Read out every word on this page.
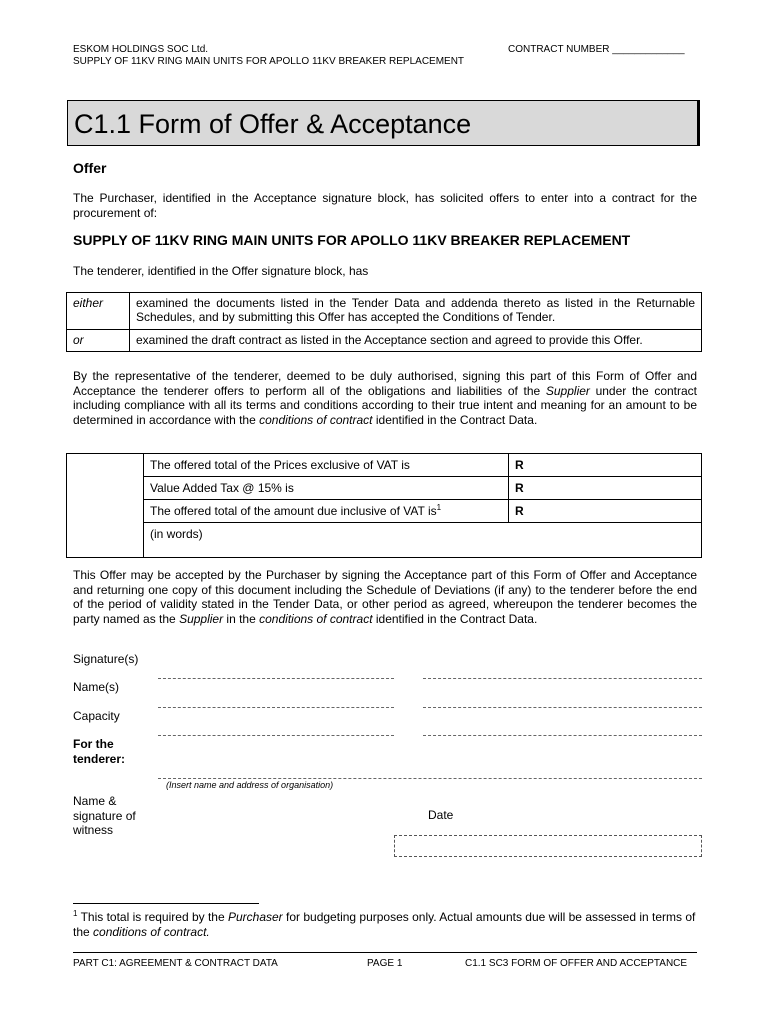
ESKOM HOLDINGS SOC Ltd.
SUPPLY OF 11KV RING MAIN UNITS FOR APOLLO 11KV BREAKER REPLACEMENT
CONTRACT NUMBER _____________
C1.1 Form of Offer & Acceptance
Offer
The Purchaser, identified in the Acceptance signature block, has solicited offers to enter into a contract for the procurement of:
SUPPLY OF 11KV RING MAIN UNITS FOR APOLLO 11KV BREAKER REPLACEMENT
The tenderer, identified in the Offer signature block, has
either	examined the documents listed in the Tender Data and addenda thereto as listed in the Returnable Schedules, and by submitting this Offer has accepted the Conditions of Tender.
or	examined the draft contract as listed in the Acceptance section and agreed to provide this Offer.
By the representative of the tenderer, deemed to be duly authorised, signing this part of this Form of Offer and Acceptance the tenderer offers to perform all of the obligations and liabilities of the Supplier under the contract including compliance with all its terms and conditions according to their true intent and meaning for an amount to be determined in accordance with the conditions of contract identified in the Contract Data.
	The offered total of the Prices exclusive of VAT is	R
	Value Added Tax @ 15% is	R
	The offered total of the amount due inclusive of VAT $is^1$	R
	(in words)	
This Offer may be accepted by the Purchaser by signing the Acceptance part of this Form of Offer and Acceptance and returning one copy of this document including the Schedule of Deviations (if any) to the tenderer before the end of the period of validity stated in the Tender Data, or other period as agreed, whereupon the tenderer becomes the party named as the Supplier in the conditions of contract identified in the Contract Data.
Signature(s)
Name(s)
Capacity
For the tenderer:
(Insert name and address of organisation)
Name & signature of witness
Date
$^1$ This total is required by the Purchaser for budgeting purposes only. Actual amounts due will be assessed in terms of the conditions of contract.
PART C1: AGREEMENT & CONTRACT DATA	PAGE 1	C1.1 SC3 FORM OF OFFER AND ACCEPTANCE
